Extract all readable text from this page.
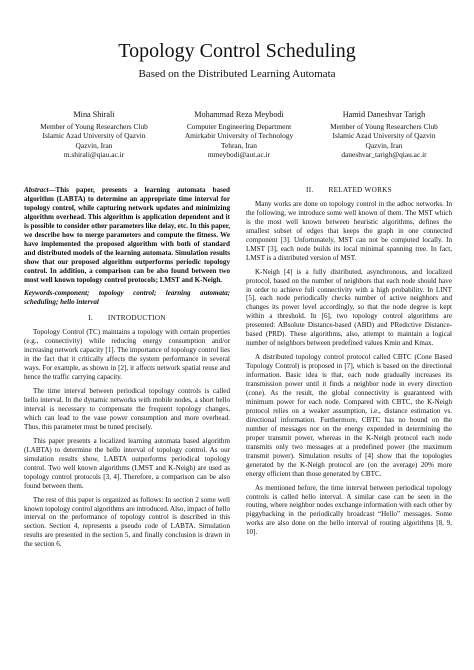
Topology Control Scheduling
Based on the Distributed Learning Automata
Mina Shirali
Member of Young Researchers Club
Islamic Azad University of Qazvin
Qazvin, Iran
m.shirali@qiau.ac.ir
Mohammad Reza Meybodi
Computer Engineering Department
Amirkabir University of Technology
Tehran, Iran
mmeybodi@aut.ac.ir
Hamid Daneshvar Tarigh
Member of Young Researchers Club
Islamic Azad University of Qazvin
Qazvin, Iran
daneshvar_tarigh@qiau.ac.ir

Abstract—This paper, presents a learning automata based algorithm (LABTA) to determine an appropriate time interval for topology control, while capturing network updates and minimizing algorithm overhead. This algorithm is application dependent and it is possible to consider other parameters like delay, etc. In this paper, we describe how to merge parameters and compute the fitness. We have implemented the proposed algorithm with both of standard and distributed models of the learning automata. Simulation results show that our proposed algorithm outperforms periodic topology control. In addition, a comparison can be also found between two most well known topology control protocols; LMST and K-Neigh.

Keywords-component; topology control; learning automata; scheduling; hello interval

I.  INTRODUCTION

Topology Control (TC) maintains a topology with certain properties (e.g., connectivity) while reducing energy consumption and/or increasing network capacity [1]. The importance of topology control lies in the fact that it critically affects the system performance in several ways. For example, as shown in [2], it affects network spatial reuse and hence the traffic carrying capacity.

The time interval between periodical topology controls is called hello interval. In the dynamic networks with mobile nodes, a short hello interval is necessary to compensate the frequent topology changes, which can lead to the vase power consumption and more overhead. Thus, this parameter must be tuned precisely.

This paper presents a localized learning automata based algorithm (LABTA) to determine the hello interval of topology control. As our simulation results show, LABTA outperforms periodical topology control. Two well known algorithms (LMST and K-Neigh) are used as topology control protocols [3, 4]. Therefore, a comparison can be also found between them.

The rest of this paper is organized as follows: In section 2 some well known topology control algorithms are introduced. Also, impact of hello interval on the performance of topology control is described in this section. Section 4, represents a pseudo code of LABTA. Simulation results are presented in the section 5, and finally conclusion is drawn in the section 6.

II.  RELATED WORKS

Many works are done on topology control in the adhoc networks. In the following, we introduce some well known of them. The MST which is the most well known between heuristic algorithms, defines the smallest subset of edges that keeps the graph in one connected component [3]. Unfortunately, MST can not be computed locally. In LMST [3], each node builds its local minimal spanning tree. In fact, LMST is a distributed version of MST.

K-Neigh [4] is a fully distributed, asynchronous, and localized protocol, based on the number of neighbors that each node should have in order to achieve full connectivity with a high probability. In LINT [5], each node periodically checks number of active neighbors and changes its power level accordingly, so that the node degree is kept within a threshold. In [6], two topology control algorithms are presented: ABsolute Distance-based (ABD) and PRedictive Distance-based (PRD). These algorithms, also, attempt to maintain a logical number of neighbors between predefined values Kmin and Kmax.

A distributed topology control protocol called CBTC (Cone Based Topology Control) is proposed in [7], which is based on the directional information. Basic idea is that, each node gradually increases its transmission power until it finds a neighbor node in every direction (cone). As the result, the global connectivity is guaranteed with minimum power for each node. Compared with CBTC, the K-Neigh protocol relies on a weaker assumption, i.e., distance estimation vs. directional information. Furthermore, CBTC has no bound on the number of messages nor on the energy expended in determining the proper transmit power, whereas in the K-Neigh protocol each node transmits only two messages at a predefined power (the maximum transmit power). Simulation results of [4] show that the topologies generated by the K-Neigh protocol are (on the average) 20% more energy efficient than those generated by CBTC.

As mentioned before, the time interval between periodical topology controls is called hello interval. A similar case can be seen in the routing, where neighbor nodes exchange information with each other by piggybacking in the periodically broadcast “Hello” messages. Some works are also done on the hello interval of routing algorithms [8, 9, 10].
